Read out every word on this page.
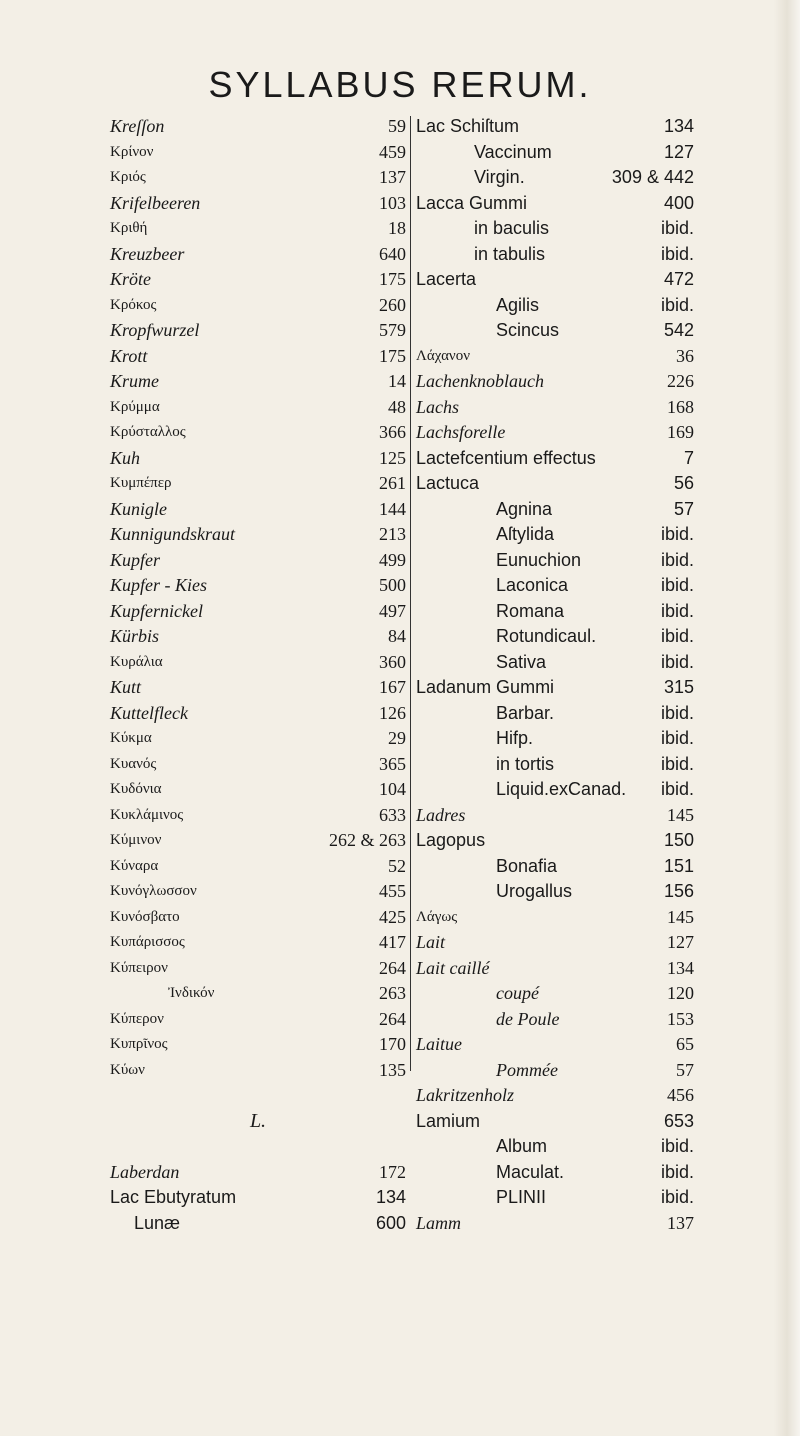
SYLLABUS RERUM.
Kreſſon	59
Κρίνον	459
Κριός	137
Krifelbeeren	103
Κριθή	18
Kreuzbeer	640
Kröte	175
Κρόκος	260
Kropfwurzel	579
Krott	175
Krume	14
Κρύμμα	48
Κρύσταλλος	366
Kuh	125
Κυμπέπερ	261
Kunigle	144
Kunnigundskraut	213
Kupfer	499
Kupfer - Kies	500
Kupfernickel	497
Kürbis	84
Κυράλια	360
Kutt	167
Kuttelfleck	126
Κύκμα	29
Κυανός	365
Κυδόνια	104
Κυκλάμινος	633
Κύμινον	262 & 263
Κύναρα	52
Κυνόγλωσσον	455
Κυνόσβατο	425
Κυπάρισσος	417
Κύπειρον	264
Ἰνδικόν	263
Κύπερον	264
Κυπρῖνος	170
Κύων	135
L.
Laberdan	172
Lac Ebutyratum	134
Lunæ	600
Lac Schiſtum	134
Vaccinum	127
Virgin.	309 & 442
Lacca Gummi	400
in baculis	ibid.
in tabulis	ibid.
Lacerta	472
Agilis	ibid.
Scincus	542
Λάχανον	36
Lachenknoblauch	226
Lachs	168
Lachsforelle	169
Lactefcentium effectus	7
Lactuca	56
Agnina	57
Aſtylida	ibid.
Eunuchion	ibid.
Laconica	ibid.
Romana	ibid.
Rotundicaul.	ibid.
Sativa	ibid.
Ladanum Gummi	315
Barbar.	ibid.
Hifp.	ibid.
in tortis	ibid.
Liquid.exCanad. ibid.
Ladres	145
Lagopus	150
Bonafia	151
Urogallus	156
Λάγως	145
Lait	127
Lait caillé	134
coupé	120
de Poule	153
Laitue	65
Pommée	57
Lakritzenholz	456
Lamium	653
Album	ibid.
Maculat.	ibid.
PLINII	ibid.
Lamm	137
